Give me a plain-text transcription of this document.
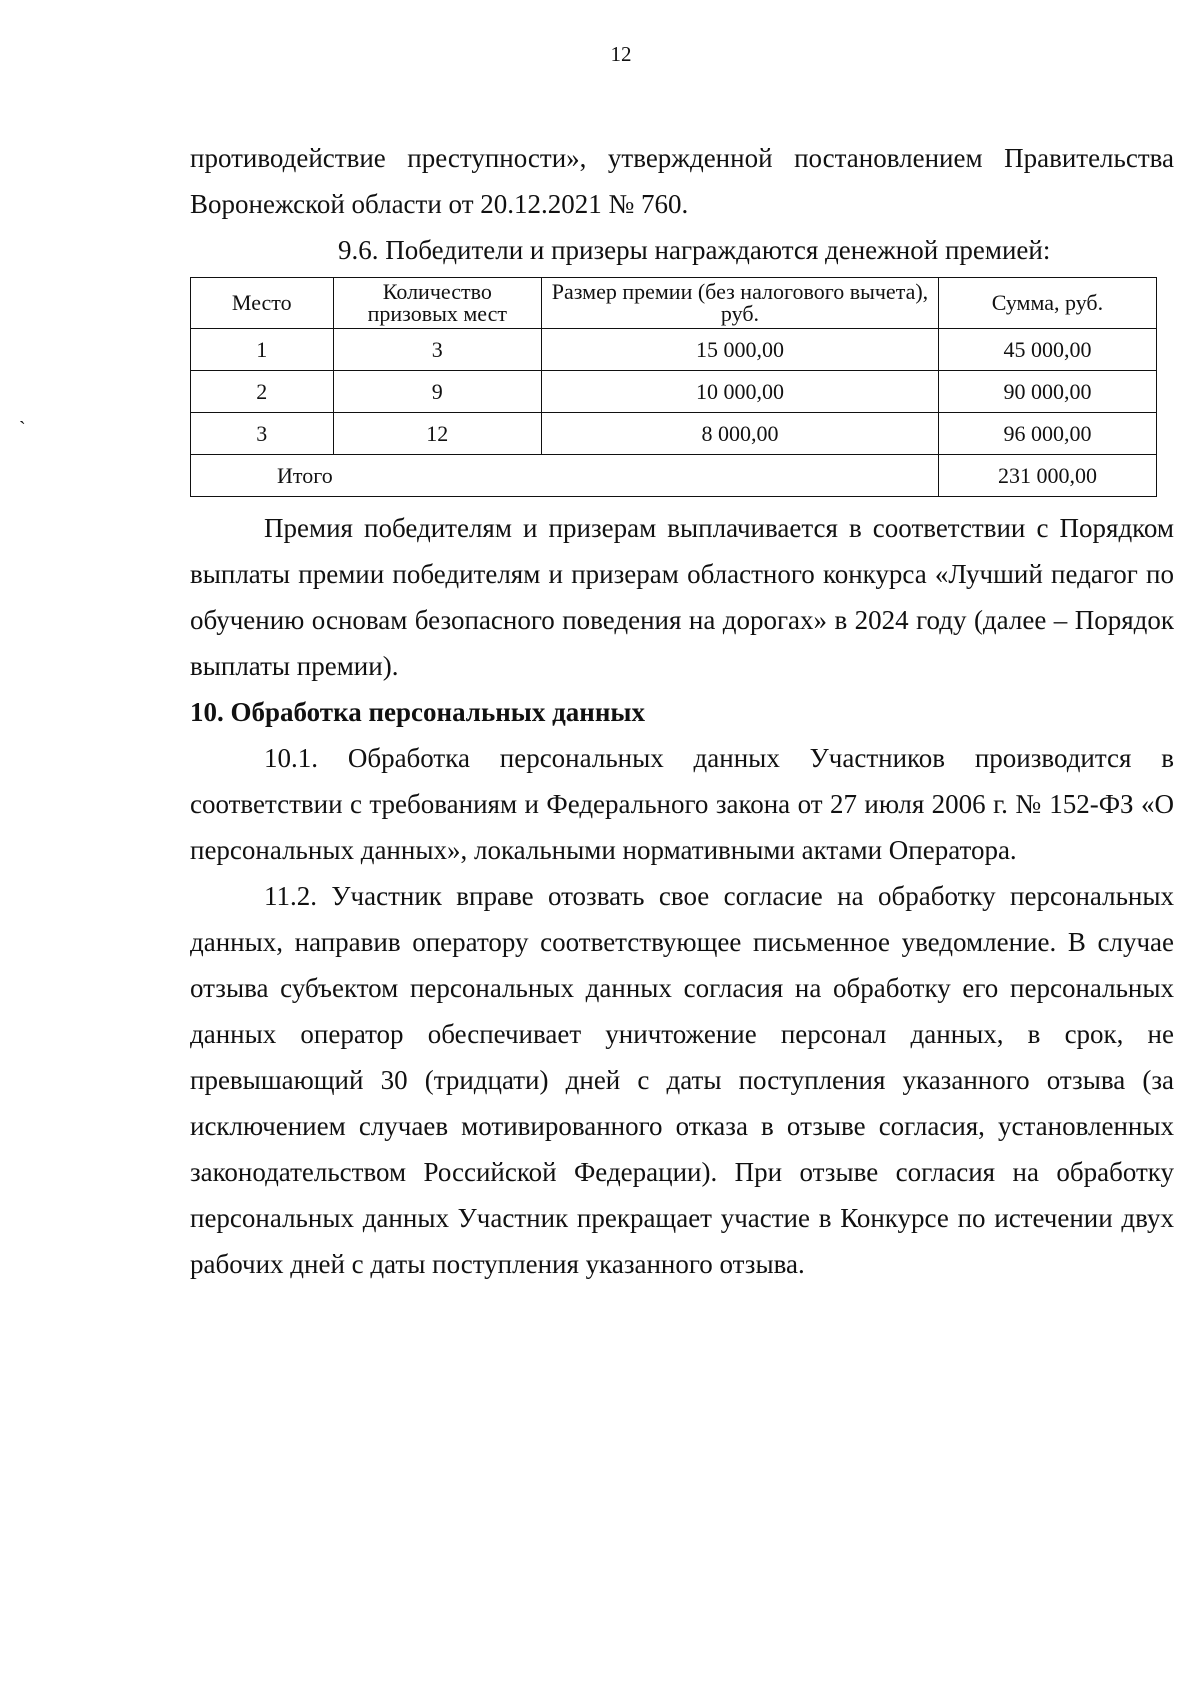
12

`

противодействие преступности», утвержденной постановлением Правительства Воронежской области от 20.12.2021 № 760.

9.6. Победители и призеры награждаются денежной премией:

Место	Количество призовых мест	Размер премии (без налогового вычета), руб.	Сумма, руб.
1	3	15 000,00	45 000,00
2	9	10 000,00	90 000,00
3	12	8 000,00	96 000,00
Итого			231 000,00

Премия победителям и призерам выплачивается в соответствии с Порядком выплаты премии победителям и призерам областного конкурса «Лучший педагог по обучению основам безопасного поведения на дорогах» в 2024 году (далее – Порядок выплаты премии).

10. Обработка персональных данных

10.1. Обработка персональных данных Участников производится в соответствии с требованиям и Федерального закона от 27 июля 2006 г. № 152-ФЗ «О персональных данных», локальными нормативными актами Оператора.

11.2. Участник вправе отозвать свое согласие на обработку персональных данных, направив оператору соответствующее письменное уведомление. В случае отзыва субъектом персональных данных согласия на обработку его персональных данных оператор обеспечивает уничтожение персонал данных, в срок, не превышающий 30 (тридцати) дней с даты поступления указанного отзыва (за исключением случаев мотивированного отказа в отзыве согласия, установленных законодательством Российской Федерации). При отзыве согласия на обработку персональных данных Участник прекращает участие в Конкурсе по истечении двух рабочих дней с даты поступления указанного отзыва.
